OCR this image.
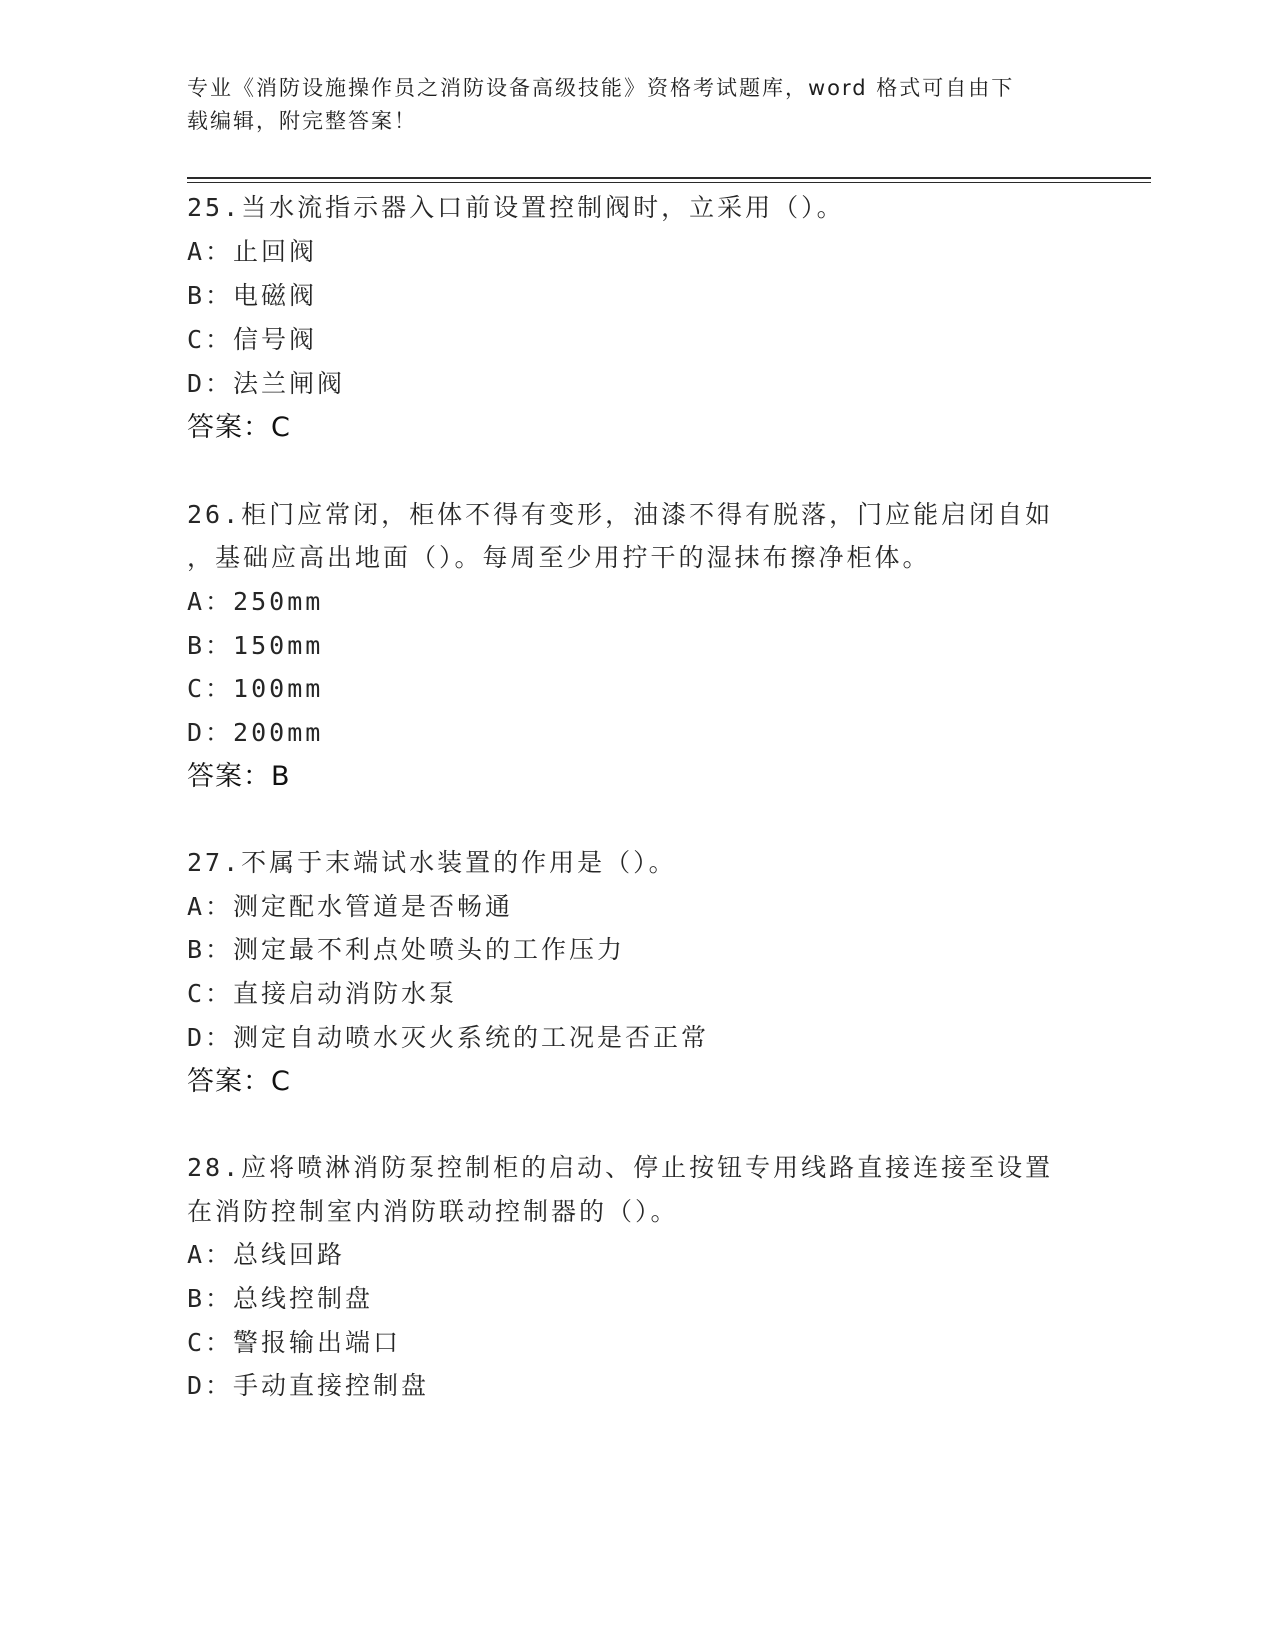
专业《消防设施操作员之消防设备高级技能》资格考试题库，word 格式可自由下
载编辑，附完整答案！
25.当水流指示器入口前设置控制阀时，立采用（）。
A：止回阀
B：电磁阀
C：信号阀
D：法兰闸阀
答案：C
26.柜门应常闭，柜体不得有变形，油漆不得有脱落，门应能启闭自如
，基础应高出地面（）。每周至少用拧干的湿抹布擦净柜体。
A：250mm
B：150mm
C：100mm
D：200mm
答案：B
27.不属于末端试水装置的作用是（）。
A：测定配水管道是否畅通
B：测定最不利点处喷头的工作压力
C：直接启动消防水泵
D：测定自动喷水灭火系统的工况是否正常
答案：C
28.应将喷淋消防泵控制柜的启动、停止按钮专用线路直接连接至设置
在消防控制室内消防联动控制器的（）。
A：总线回路
B：总线控制盘
C：警报输出端口
D：手动直接控制盘
